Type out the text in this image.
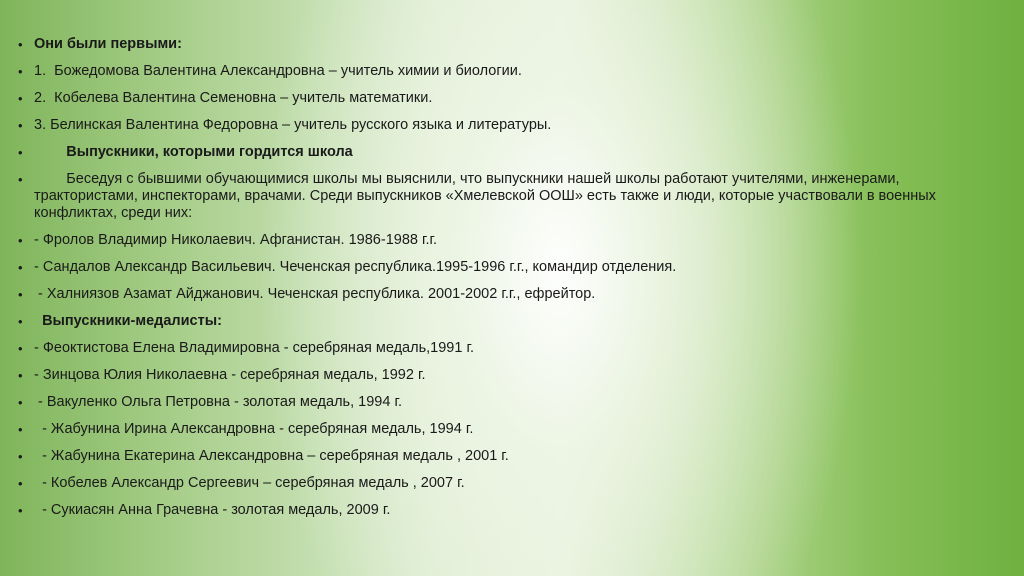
• Они были первыми:
• 1.  Божедомова Валентина Александровна – учитель химии и биологии.
• 2.  Кобелева Валентина Семеновна – учитель математики.
• 3. Белинская Валентина Федоровна – учитель русского языка и литературы.
• Выпускники, которыми гордится школа
• Беседуя с бывшими обучающимися школы мы выяснили, что выпускники нашей школы работают учителями, инженерами, трактористами, инспекторами, врачами. Среди выпускников «Хмелевской ООШ» есть также и люди, которые участвовали в военных конфликтах, среди них:
• - Фролов Владимир Николаевич. Афганистан. 1986-1988 г.г.
• - Сандалов Александр Васильевич. Чеченская республика.1995-1996 г.г., командир отделения.
• - Халниязов Азамат Айджанович. Чеченская республика. 2001-2002 г.г., ефрейтор.
• Выпускники-медалисты:
• - Феоктистова Елена Владимировна - серебряная медаль,1991 г.
• - Зинцова Юлия Николаевна - серебряная медаль, 1992 г.
• - Вакуленко Ольга Петровна - золотая медаль, 1994 г.
• - Жабунина Ирина Александровна - серебряная медаль, 1994 г.
• - Жабунина Екатерина Александровна – серебряная медаль , 2001 г.
• - Кобелев Александр Сергеевич – серебряная медаль , 2007 г.
• - Сукиасян Анна Грачевна - золотая медаль, 2009 г.
